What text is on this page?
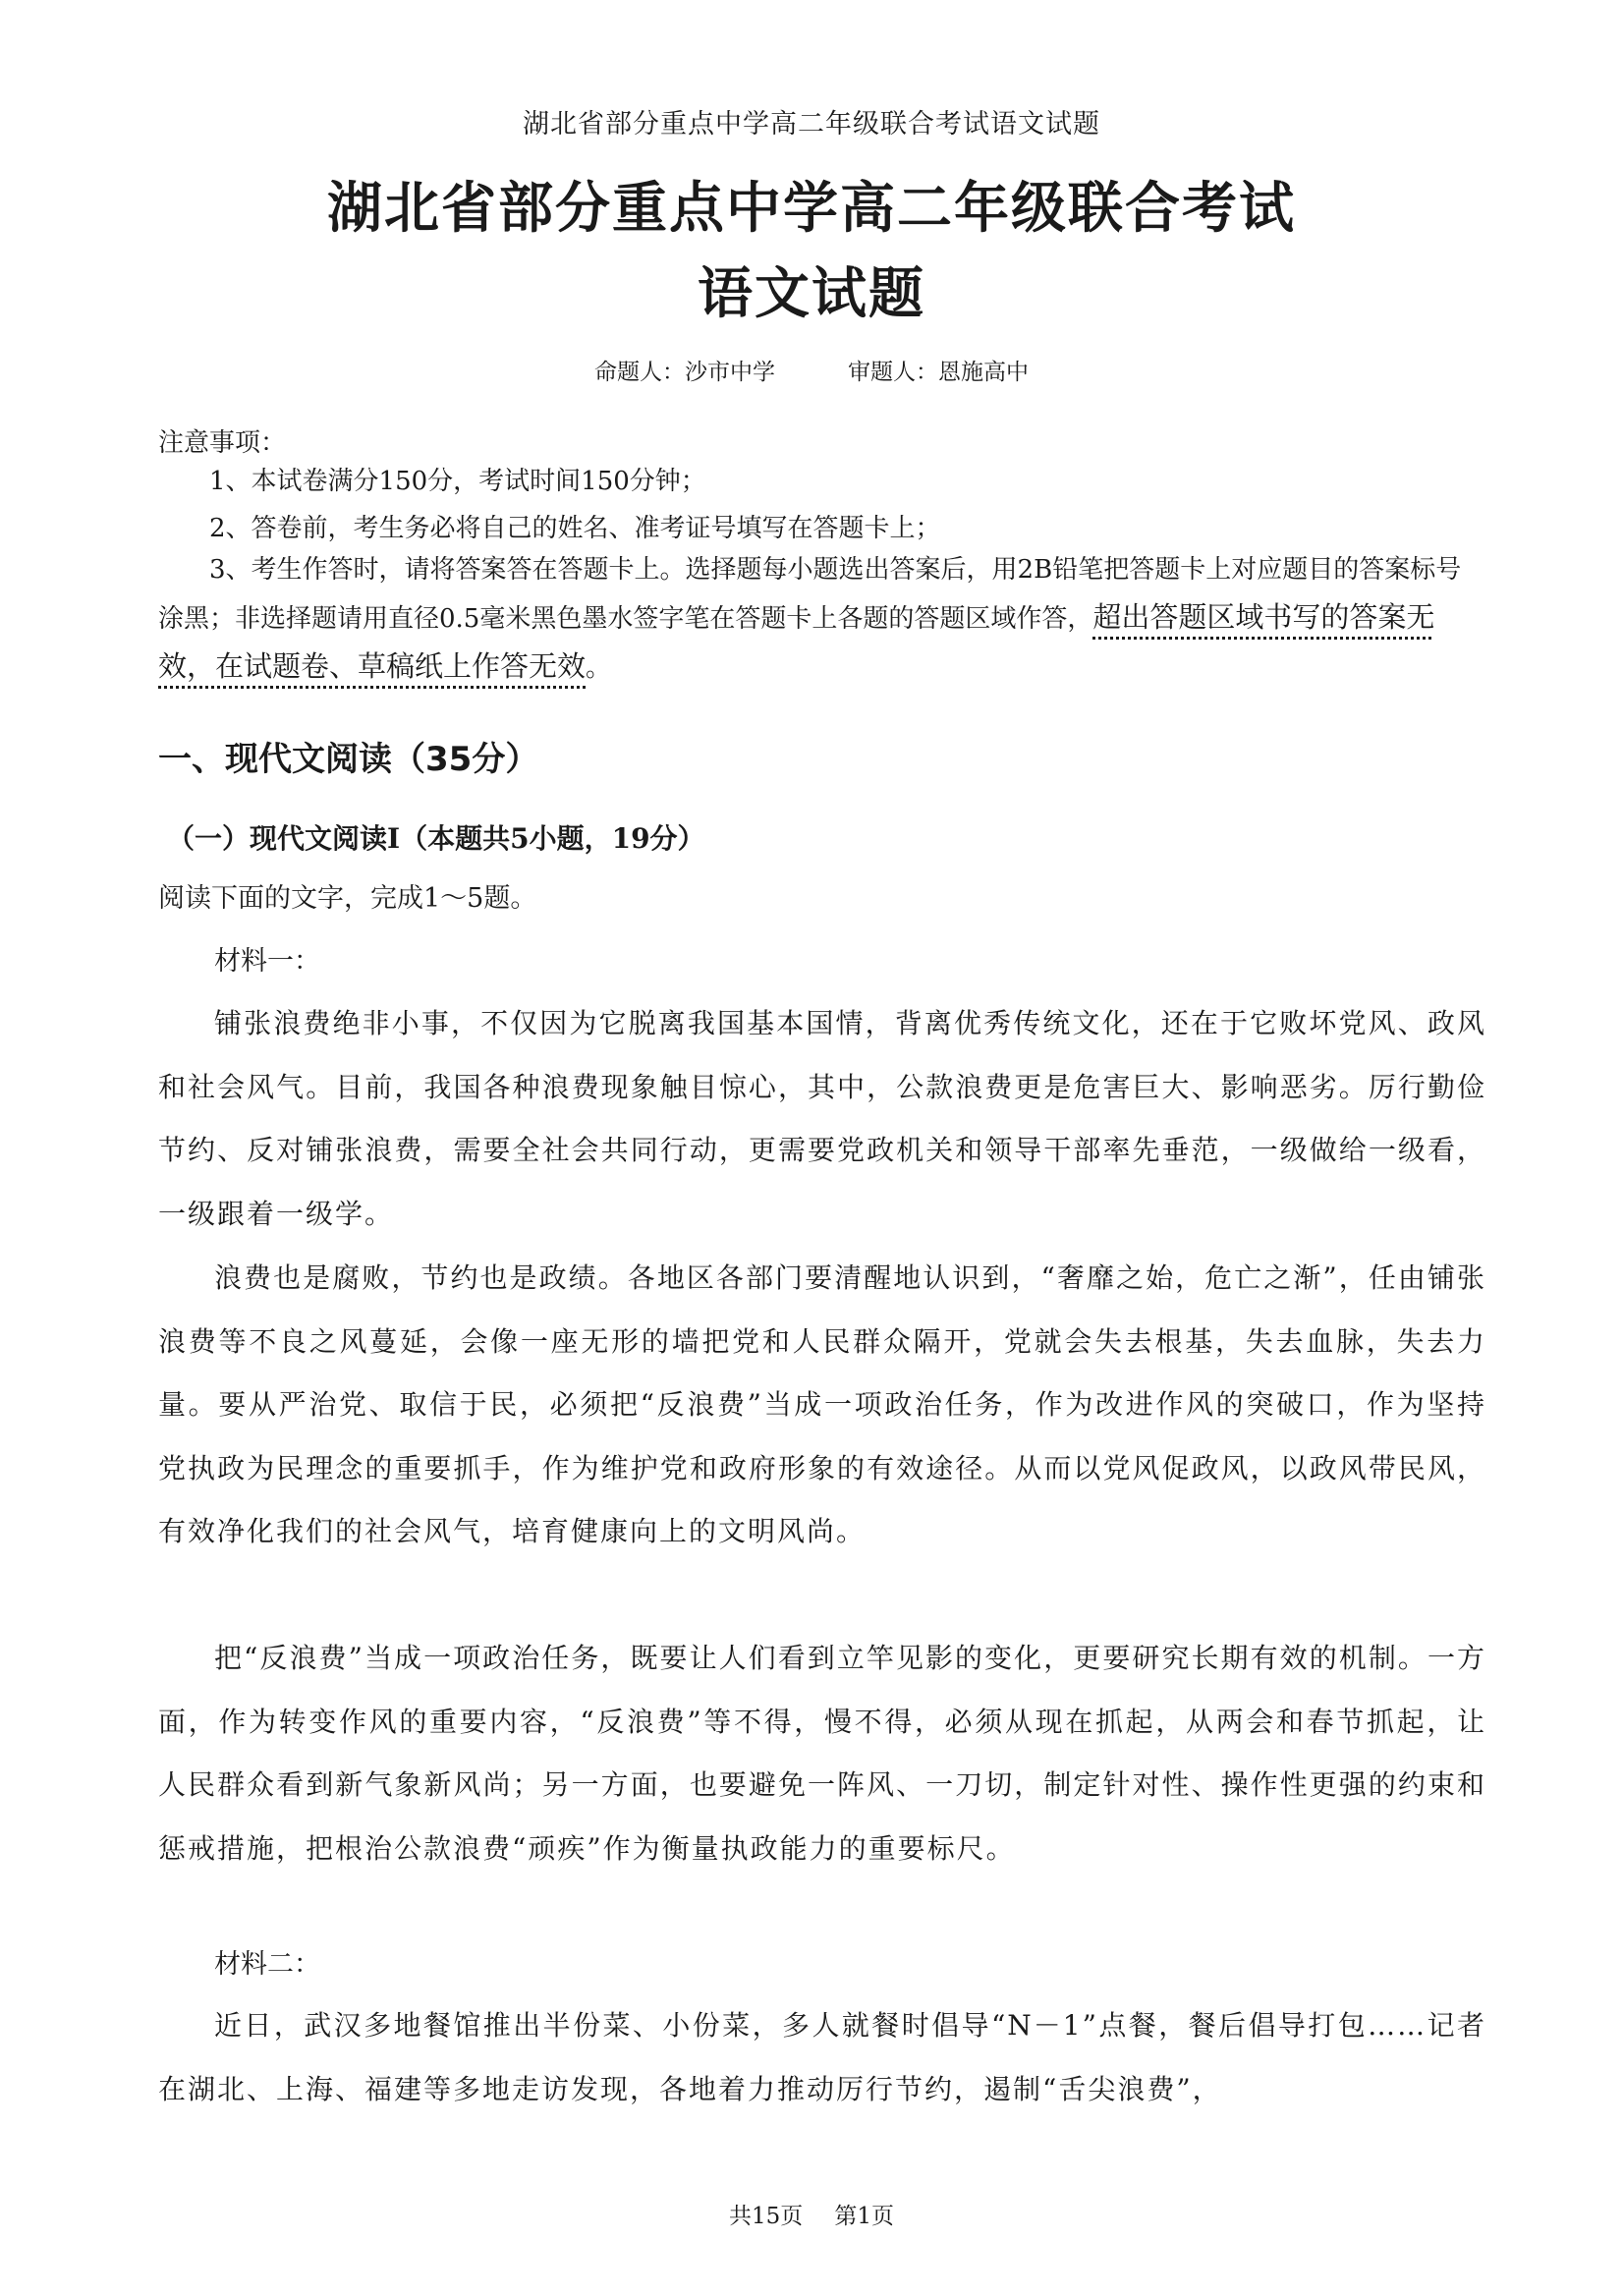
湖北省部分重点中学高二年级联合考试语文试题
湖北省部分重点中学高二年级联合考试
语文试题
命题人：沙市中学	审题人：恩施高中
注意事项：
1、本试卷满分150分，考试时间150分钟；
2、答卷前，考生务必将自己的姓名、准考证号填写在答题卡上；
3、考生作答时，请将答案答在答题卡上。选择题每小题选出答案后，用2B铅笔把答题卡上对应题目的答案标号涂黑；非选择题请用直径0.5毫米黑色墨水签字笔在答题卡上各题的答题区域作答，超出答题区域书写的答案无效，在试题卷、草稿纸上作答无效。
一、现代文阅读（35分）
（一）现代文阅读I（本题共5小题，19分）
阅读下面的文字，完成1～5题。
材料一：
铺张浪费绝非小事，不仅因为它脱离我国基本国情，背离优秀传统文化，还在于它败坏党风、政风和社会风气。目前，我国各种浪费现象触目惊心，其中，公款浪费更是危害巨大、影响恶劣。厉行勤俭节约、反对铺张浪费，需要全社会共同行动，更需要党政机关和领导干部率先垂范，一级做给一级看，一级跟着一级学。
浪费也是腐败，节约也是政绩。各地区各部门要清醒地认识到，“奢靡之始，危亡之渐”，任由铺张浪费等不良之风蔓延，会像一座无形的墙把党和人民群众隔开，党就会失去根基，失去血脉，失去力量。要从严治党、取信于民，必须把“反浪费”当成一项政治任务，作为改进作风的突破口，作为坚持党执政为民理念的重要抓手，作为维护党和政府形象的有效途径。从而以党风促政风，以政风带民风，有效净化我们的社会风气，培育健康向上的文明风尚。
把“反浪费”当成一项政治任务，既要让人们看到立竿见影的变化，更要研究长期有效的机制。一方面，作为转变作风的重要内容，“反浪费”等不得，慢不得，必须从现在抓起，从两会和春节抓起，让人民群众看到新气象新风尚；另一方面，也要避免一阵风、一刀切，制定针对性、操作性更强的约束和惩戒措施，把根治公款浪费“顽疾”作为衡量执政能力的重要标尺。
材料二：
近日，武汉多地餐馆推出半份菜、小份菜，多人就餐时倡导“N－1”点餐，餐后倡导打包……记者在湖北、上海、福建等多地走访发现，各地着力推动厉行节约，遏制“舌尖浪费”，
共15页 第1页
